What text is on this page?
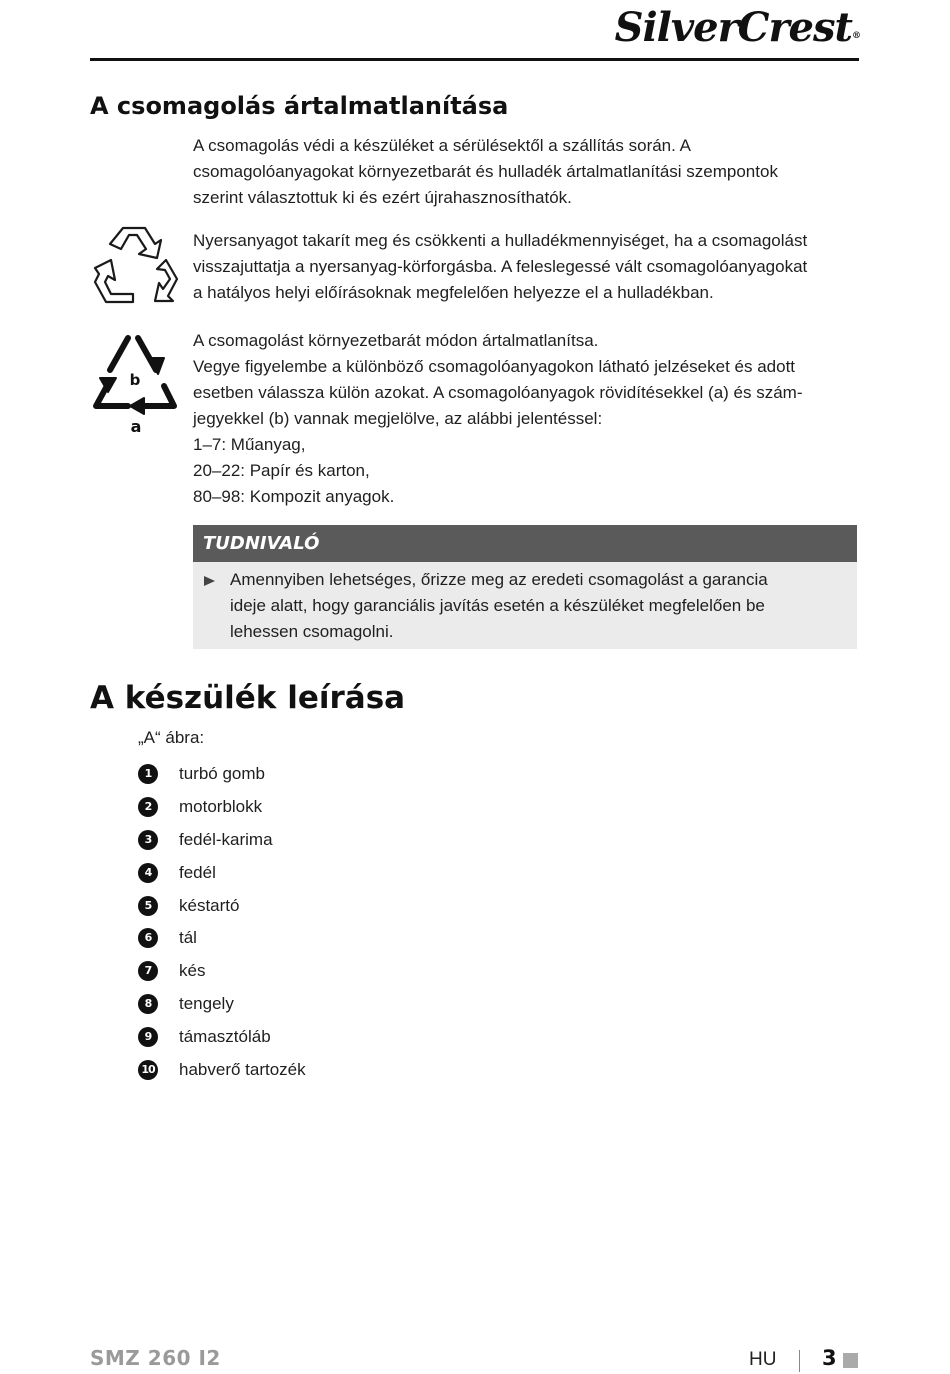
SilverCrest®
A csomagolás ártalmatlanítása

A csomagolás védi a készüléket a sérülésektől a szállítás során. A
csomagolóanyagokat környezetbarát és hulladék ártalmatlanítási szempontok
szerint választottuk ki és ezért újrahasznosíthatók.

Nyersanyagot takarít meg és csökkenti a hulladékmennyiséget, ha a csomagolást
visszajuttatja a nyersanyag-körforgásba. A feleslegessé vált csomagolóanyagokat
a hatályos helyi előírásoknak megfelelően helyezze el a hulladékban.

b
a

A csomagolást környezetbarát módon ártalmatlanítsa.
Vegye figyelembe a különböző csomagolóanyagokon látható jelzéseket és adott
esetben válassza külön azokat. A csomagolóanyagok rövidítésekkel (a) és szám-
jegyekkel (b) vannak megjelölve, az alábbi jelentéssel:
1–7: Műanyag,
20–22: Papír és karton,
80–98: Kompozit anyagok.

TUDNIVALÓ
Amennyiben lehetséges, őrizze meg az eredeti csomagolást a garancia
ideje alatt, hogy garanciális javítás esetén a készüléket megfelelően be
lehessen csomagolni.
A készülék leírása
„A“ ábra:
1	turbó gomb
2	motorblokk
3	fedél-karima
4	fedél
5	késtartó
6	tál
7	kés
8	tengely
9	támasztóláb
10 habverő tartozék
SMZ 260 I2	HU 3
